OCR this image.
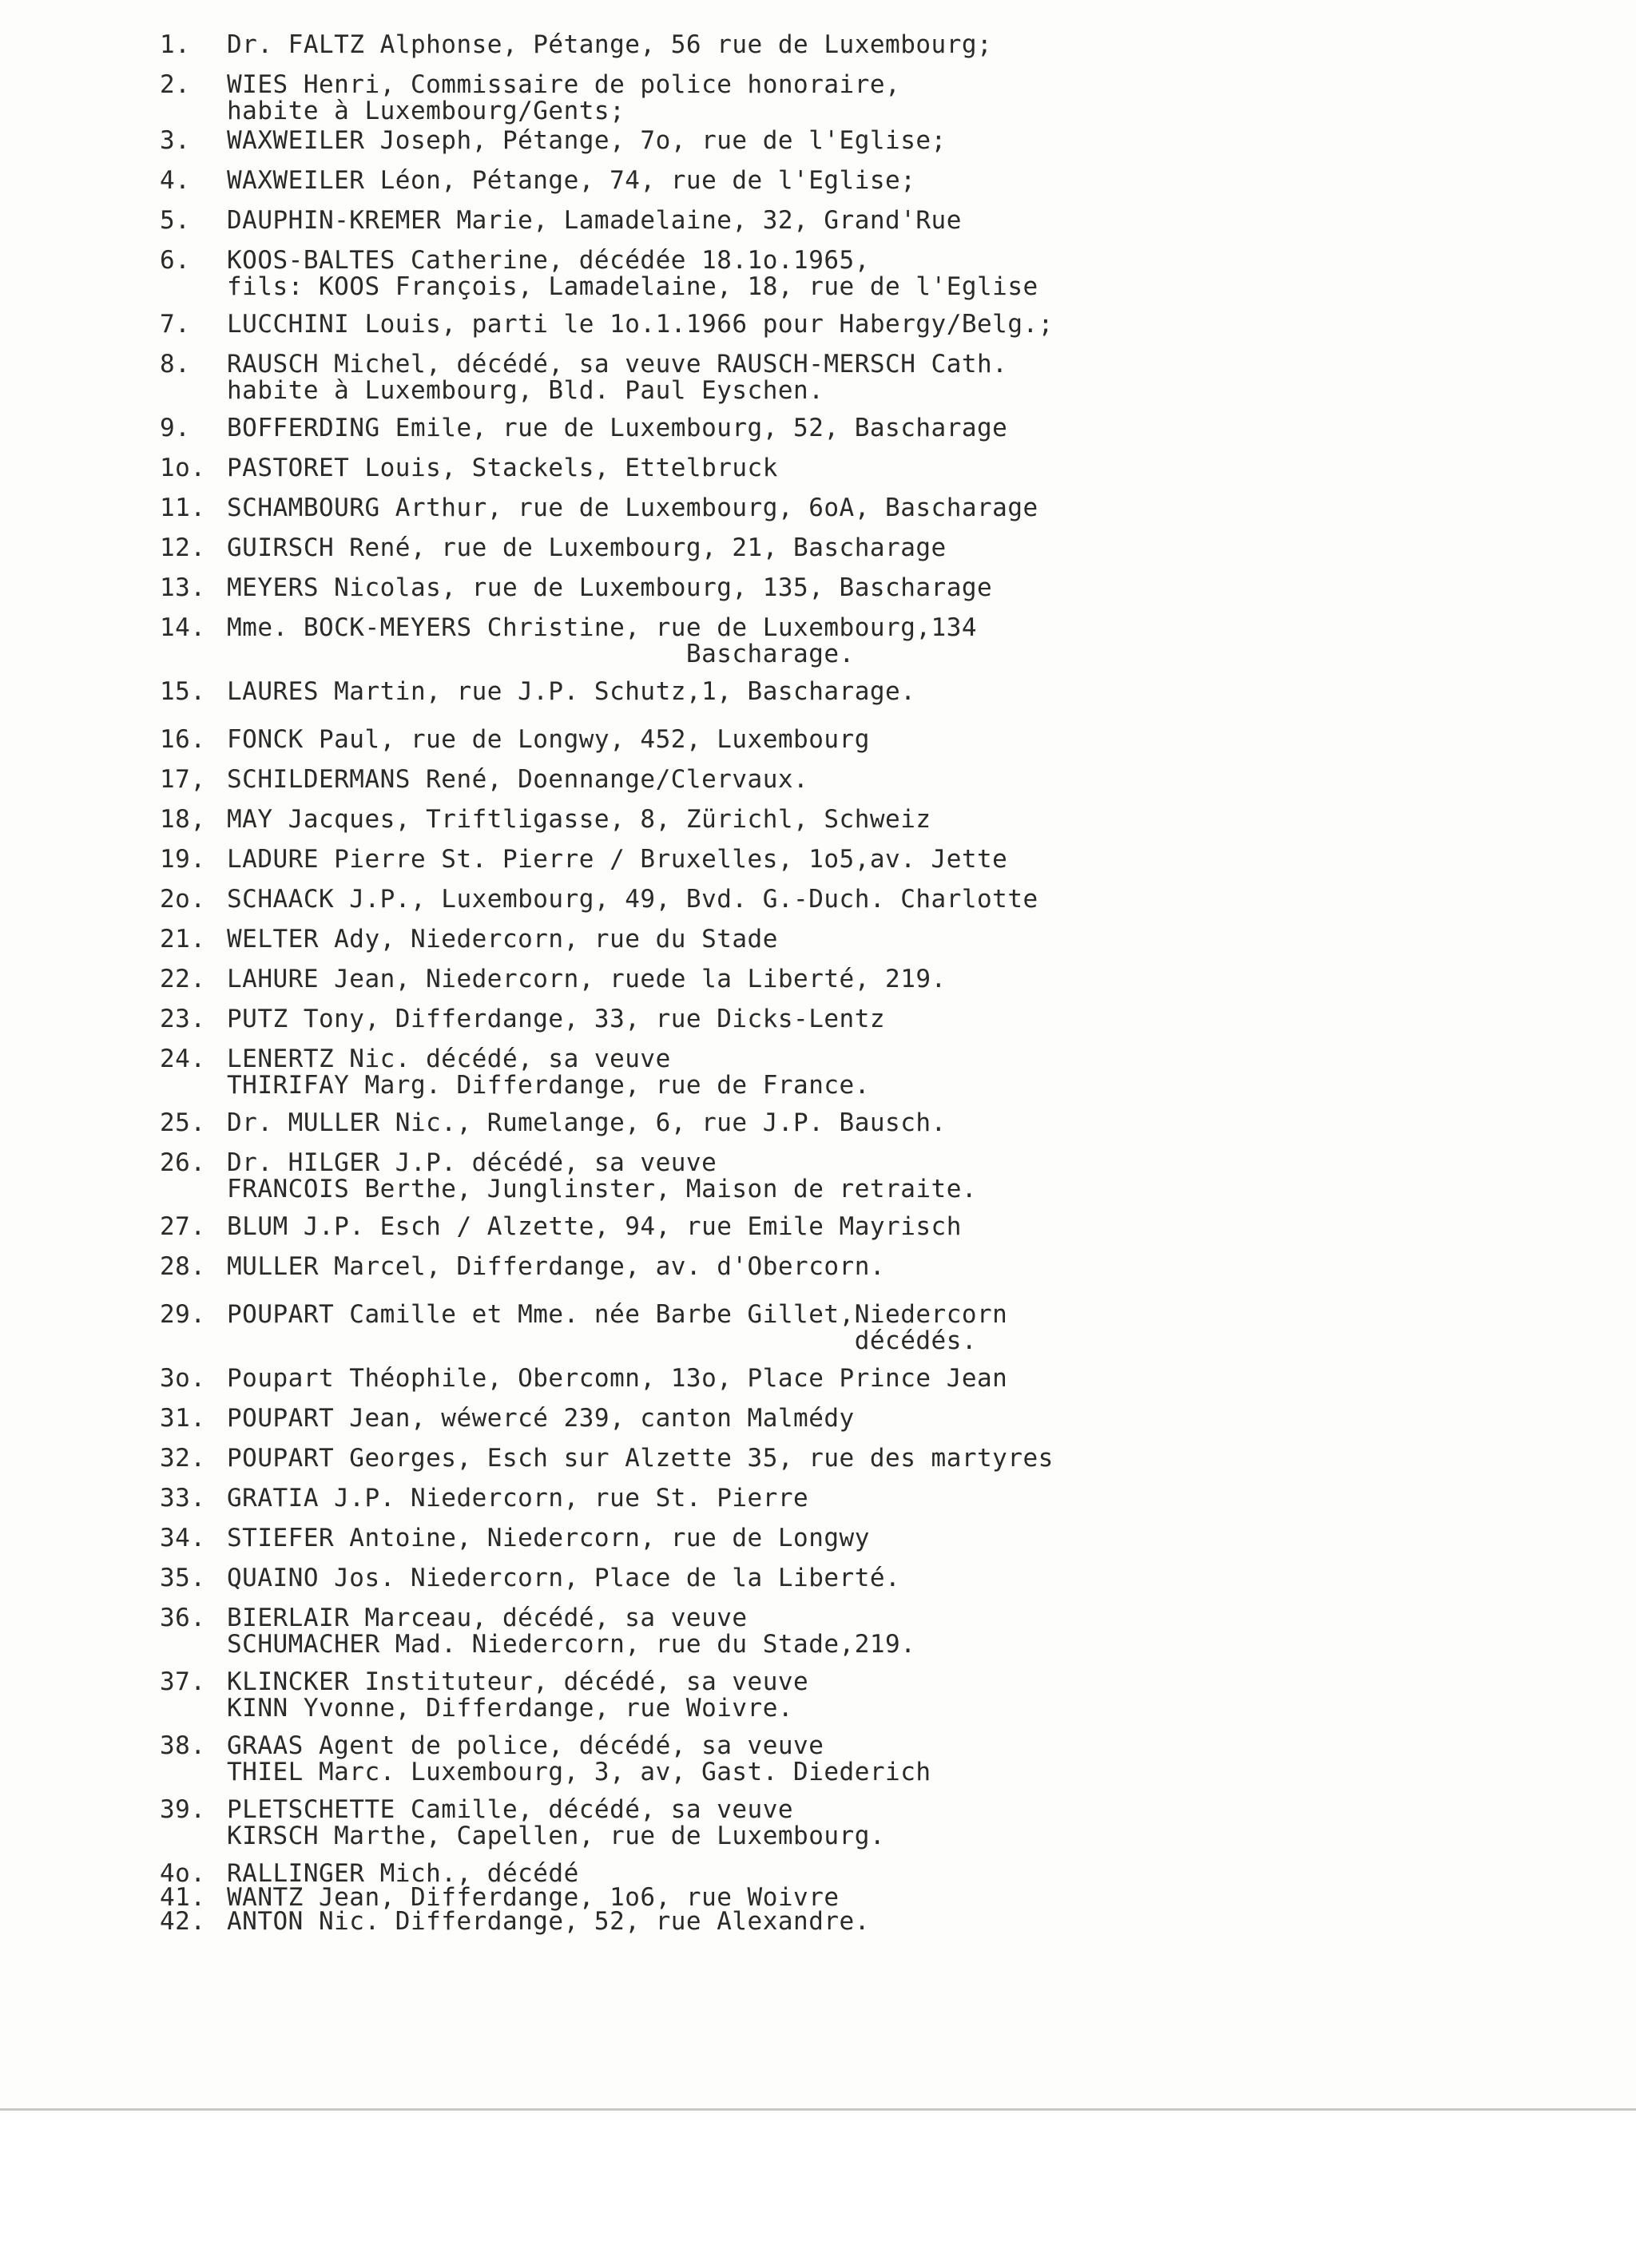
1.	Dr. FALTZ Alphonse, Pétange, 56 rue de Luxembourg;
2.	WIES Henri, Commissaire de police honoraire,
habite à Luxembourg/Gents;
3.	WAXWEILER Joseph, Pétange, 7o, rue de l'Eglise;
4.	WAXWEILER Léon, Pétange, 74, rue de l'Eglise;
5.	DAUPHIN-KREMER Marie, Lamadelaine, 32, Grand'Rue
6.	KOOS-BALTES Catherine, décédée 18.1o.1965,
fils: KOOS François, Lamadelaine, 18, rue de l'Eglise
7.	LUCCHINI Louis, parti le 1o.1.1966 pour Habergy/Belg.;
8.	RAUSCH Michel, décédé, sa veuve RAUSCH-MERSCH Cath.
habite à Luxembourg, Bld. Paul Eyschen.
9.	BOFFERDING Emile, rue de Luxembourg, 52, Bascharage
1o. PASTORET Louis, Stackels, Ettelbruck
11. SCHAMBOURG Arthur, rue de Luxembourg, 6oA, Bascharage
12. GUIRSCH René, rue de Luxembourg, 21, Bascharage
13. MEYERS Nicolas, rue de Luxembourg, 135, Bascharage
14. Mme. BOCK-MEYERS Christine, rue de Luxembourg,134
Bascharage.
15. LAURES Martin, rue J.P. Schutz,1, Bascharage.
16. FONCK Paul, rue de Longwy, 452, Luxembourg
17, SCHILDERMANS René, Doennange/Clervaux.
18, MAY Jacques, Triftligasse, 8, Zürichl, Schweiz
19. LADURE Pierre St. Pierre / Bruxelles, 1o5,av. Jette
2o. SCHAACK J.P., Luxembourg, 49, Bvd. G.-Duch. Charlotte
21. WELTER Ady, Niedercorn, rue du Stade
22. LAHURE Jean, Niedercorn, ruede la Liberté, 219.
23. PUTZ Tony, Differdange, 33, rue Dicks-Lentz
24. LENERTZ Nic. décédé, sa veuve
THIRIFAY Marg. Differdange, rue de France.
25. Dr. MULLER Nic., Rumelange, 6, rue J.P. Bausch.
26. Dr. HILGER J.P. décédé, sa veuve
FRANCOIS Berthe, Junglinster, Maison de retraite.
27. BLUM J.P. Esch / Alzette, 94, rue Emile Mayrisch
28. MULLER Marcel, Differdange, av. d'Obercorn.
29. POUPART Camille et Mme. née Barbe Gillet,Niedercorn
décédés.
3o. Poupart Théophile, Obercomn, 13o, Place Prince Jean
31. POUPART Jean, wéwercé 239, canton Malmédy
32. POUPART Georges, Esch sur Alzette 35, rue des martyres
33. GRATIA J.P. Niedercorn, rue St. Pierre
34. STIEFER Antoine, Niedercorn, rue de Longwy
35. QUAINO Jos. Niedercorn, Place de la Liberté.
36. BIERLAIR Marceau, décédé, sa veuve
SCHUMACHER Mad. Niedercorn, rue du Stade,219.
37. KLINCKER Instituteur, décédé, sa veuve
KINN Yvonne, Differdange, rue Woivre.
38. GRAAS Agent de police, décédé, sa veuve
THIEL Marc. Luxembourg, 3, av, Gast. Diederich
39. PLETSCHETTE Camille, décédé, sa veuve
KIRSCH Marthe, Capellen, rue de Luxembourg.
4o. RALLINGER Mich., décédé
41. WANTZ Jean, Differdange, 1o6, rue Woivre
42. ANTON Nic. Differdange, 52, rue Alexandre.
